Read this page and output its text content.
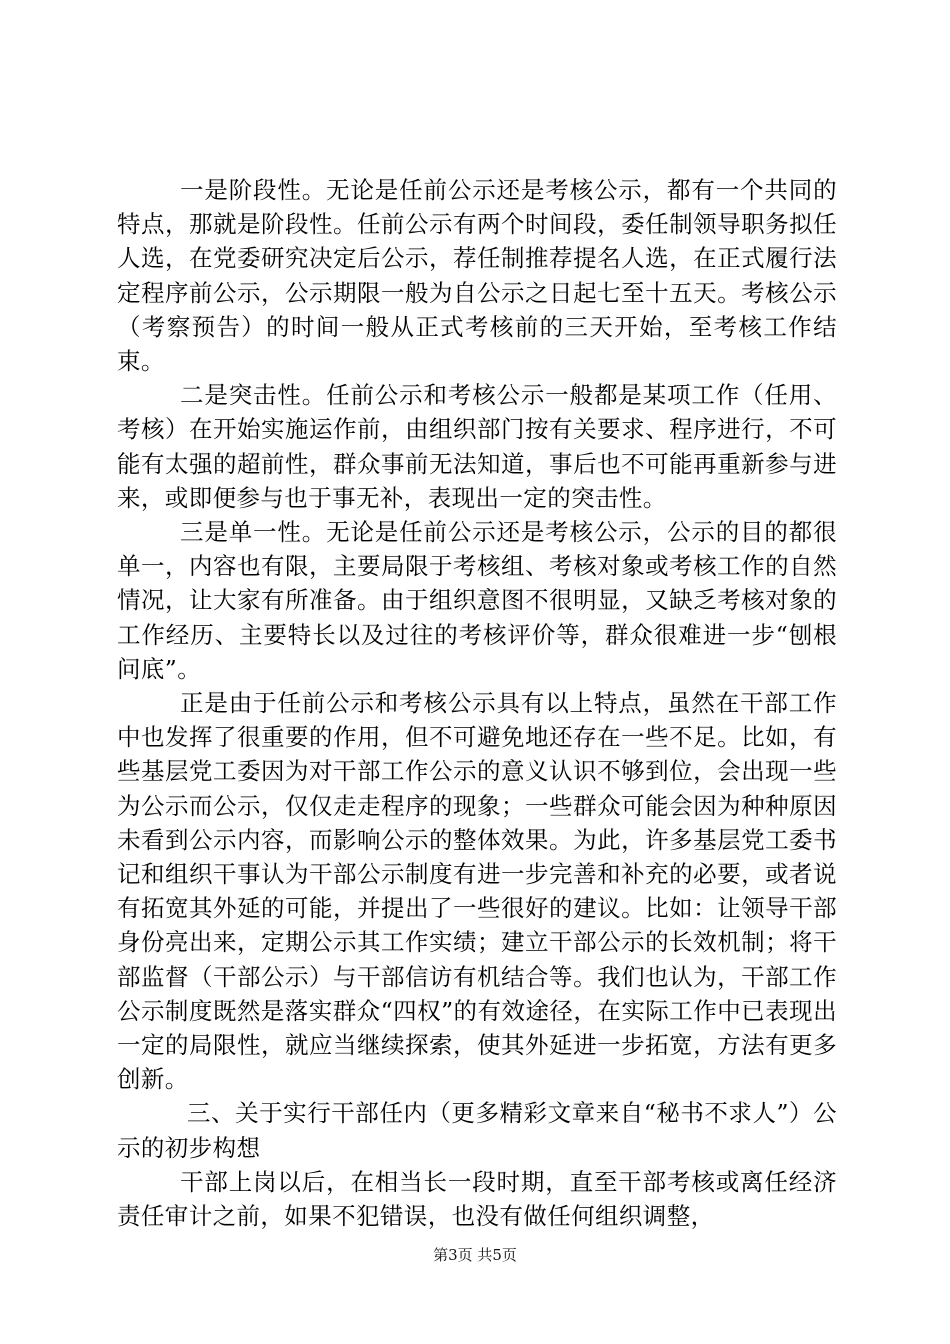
一是阶段性。无论是任前公示还是考核公示，都有一个共同的特点，那就是阶段性。任前公示有两个时间段，委任制领导职务拟任人选，在党委研究决定后公示，荐任制推荐提名人选，在正式履行法定程序前公示，公示期限一般为自公示之日起七至十五天。考核公示（考察预告）的时间一般从正式考核前的三天开始，至考核工作结束。

二是突击性。任前公示和考核公示一般都是某项工作（任用、考核）在开始实施运作前，由组织部门按有关要求、程序进行，不可能有太强的超前性，群众事前无法知道，事后也不可能再重新参与进来，或即便参与也于事无补，表现出一定的突击性。

三是单一性。无论是任前公示还是考核公示，公示的目的都很单一，内容也有限，主要局限于考核组、考核对象或考核工作的自然情况，让大家有所准备。由于组织意图不很明显，又缺乏考核对象的工作经历、主要特长以及过往的考核评价等，群众很难进一步“刨根问底”。

正是由于任前公示和考核公示具有以上特点，虽然在干部工作中也发挥了很重要的作用，但不可避免地还存在一些不足。比如，有些基层党工委因为对干部工作公示的意义认识不够到位，会出现一些为公示而公示，仅仅走走程序的现象；一些群众可能会因为种种原因未看到公示内容，而影响公示的整体效果。为此，许多基层党工委书记和组织干事认为干部公示制度有进一步完善和补充的必要，或者说有拓宽其外延的可能，并提出了一些很好的建议。比如：让领导干部身份亮出来，定期公示其工作实绩；建立干部公示的长效机制；将干部监督（干部公示）与干部信访有机结合等。我们也认为，干部工作公示制度既然是落实群众“四权”的有效途径，在实际工作中已表现出一定的局限性，就应当继续探索，使其外延进一步拓宽，方法有更多创新。

三、关于实行干部任内（更多精彩文章来自“秘书不求人”）公示的初步构想

干部上岗以后，在相当长一段时期，直至干部考核或离任经济责任审计之前，如果不犯错误，也没有做任何组织调整，

第3页 共5页
